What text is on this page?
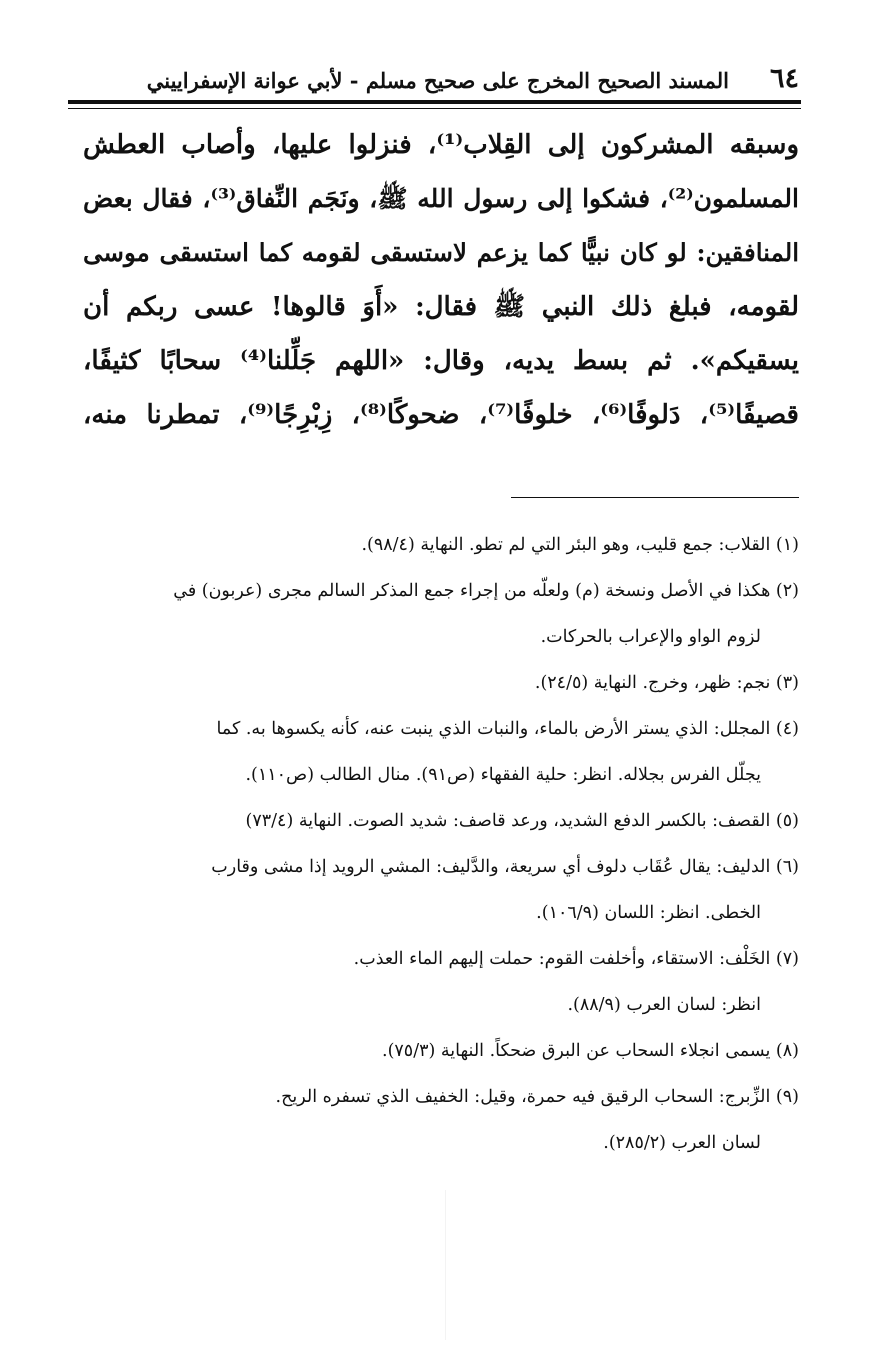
٦٤
المسند الصحيح المخرج على صحيح مسلم - لأبي عوانة الإسفراييني
وسبقه المشركون إلى القِلاب⁽¹⁾، فنزلوا عليها، وأصاب العطش
المسلمون⁽²⁾، فشكوا إلى رسول الله ﷺ، ونَجَم النِّفاق⁽³⁾، فقال بعض
المنافقين: لو كان نبيًّا كما يزعم لاستسقى لقومه كما استسقى موسى
لقومه، فبلغ ذلك النبي ﷺ فقال: «أَوَ قالوها! عسى ربكم أن
يسقيكم». ثم بسط يديه، وقال: «اللهم جَلِّلنا⁽⁴⁾ سحابًا كثيفًا،
قصيفًا⁽⁵⁾، دَلوفًا⁽⁶⁾، خلوفًا⁽⁷⁾، ضحوكًا⁽⁸⁾، زِبْرِجًا⁽⁹⁾، تمطرنا منه،
(١) القلاب: جمع قليب، وهو البئر التي لم تطو. النهاية (٩٨/٤).
(٢) هكذا في الأصل ونسخة (م) ولعلّه من إجراء جمع المذكر السالم مجرى (عربون) في
لزوم الواو والإعراب بالحركات.
(٣) نجم: ظهر، وخرج. النهاية (٢٤/٥).
(٤) المجلل: الذي يستر الأرض بالماء، والنبات الذي ينبت عنه، كأنه يكسوها به. كما
يجلّل الفرس بجلاله. انظر: حلية الفقهاء (ص٩١). منال الطالب (ص١١٠).
(٥) القصف: بالكسر الدفع الشديد، ورعد قاصف: شديد الصوت. النهاية (٧٣/٤)
(٦) الدليف: يقال عُقَاب دلوف أي سريعة، والدَّليف: المشي الرويد إذا مشى وقارب
الخطى. انظر: اللسان (١٠٦/٩).
(٧) الخَلْف: الاستقاء، وأخلفت القوم: حملت إليهم الماء العذب.
انظر: لسان العرب (٨٨/٩).
(٨) يسمى انجلاء السحاب عن البرق ضحكاً. النهاية (٧٥/٣).
(٩) الزِّبرج: السحاب الرقيق فيه حمرة، وقيل: الخفيف الذي تسفره الريح.
لسان العرب (٢٨٥/٢).
